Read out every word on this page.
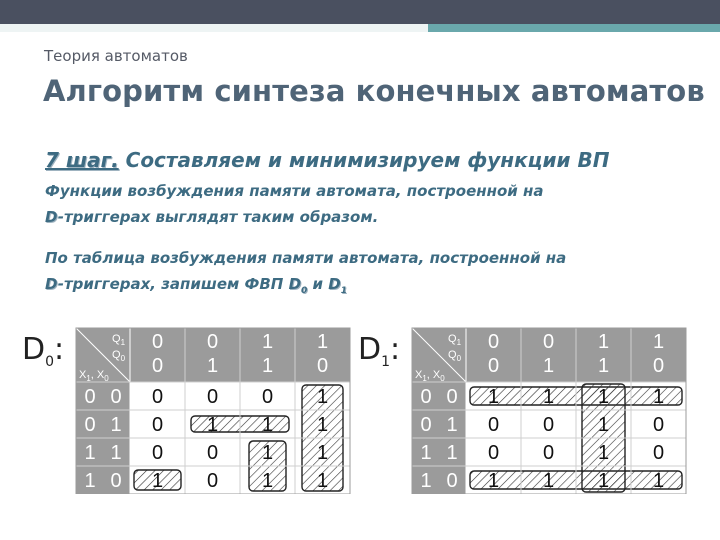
Теория автоматов
Алгоритм синтеза конечных автоматов
7 шаг. Составляем и минимизируем функции ВП
Функции возбуждения памяти автомата, построенной на
D-триггерах выглядят таким образом.
По таблица возбуждения памяти автомата, построенной на
D-триггерах, запишем ФВП $D_0$ и $D_1$
$D_0$:	$Q_1$
$Q_0$
$X_1$, $X_0$
0
0
0
1
1
1
1
0
0 0
0 1
1 1
1 0
0 0 0 1
0 1 1 1
0 0 1 1
1 0 1 1
$D_1$:	$Q_1$
$Q_0$
$X_1$, $X_0$
0
0
0
1
1
1
1
0
0 0
0 1
1 1
1 0
1 1 1 1
0 0 1 0
0 0 1 0
1 1 1 1
